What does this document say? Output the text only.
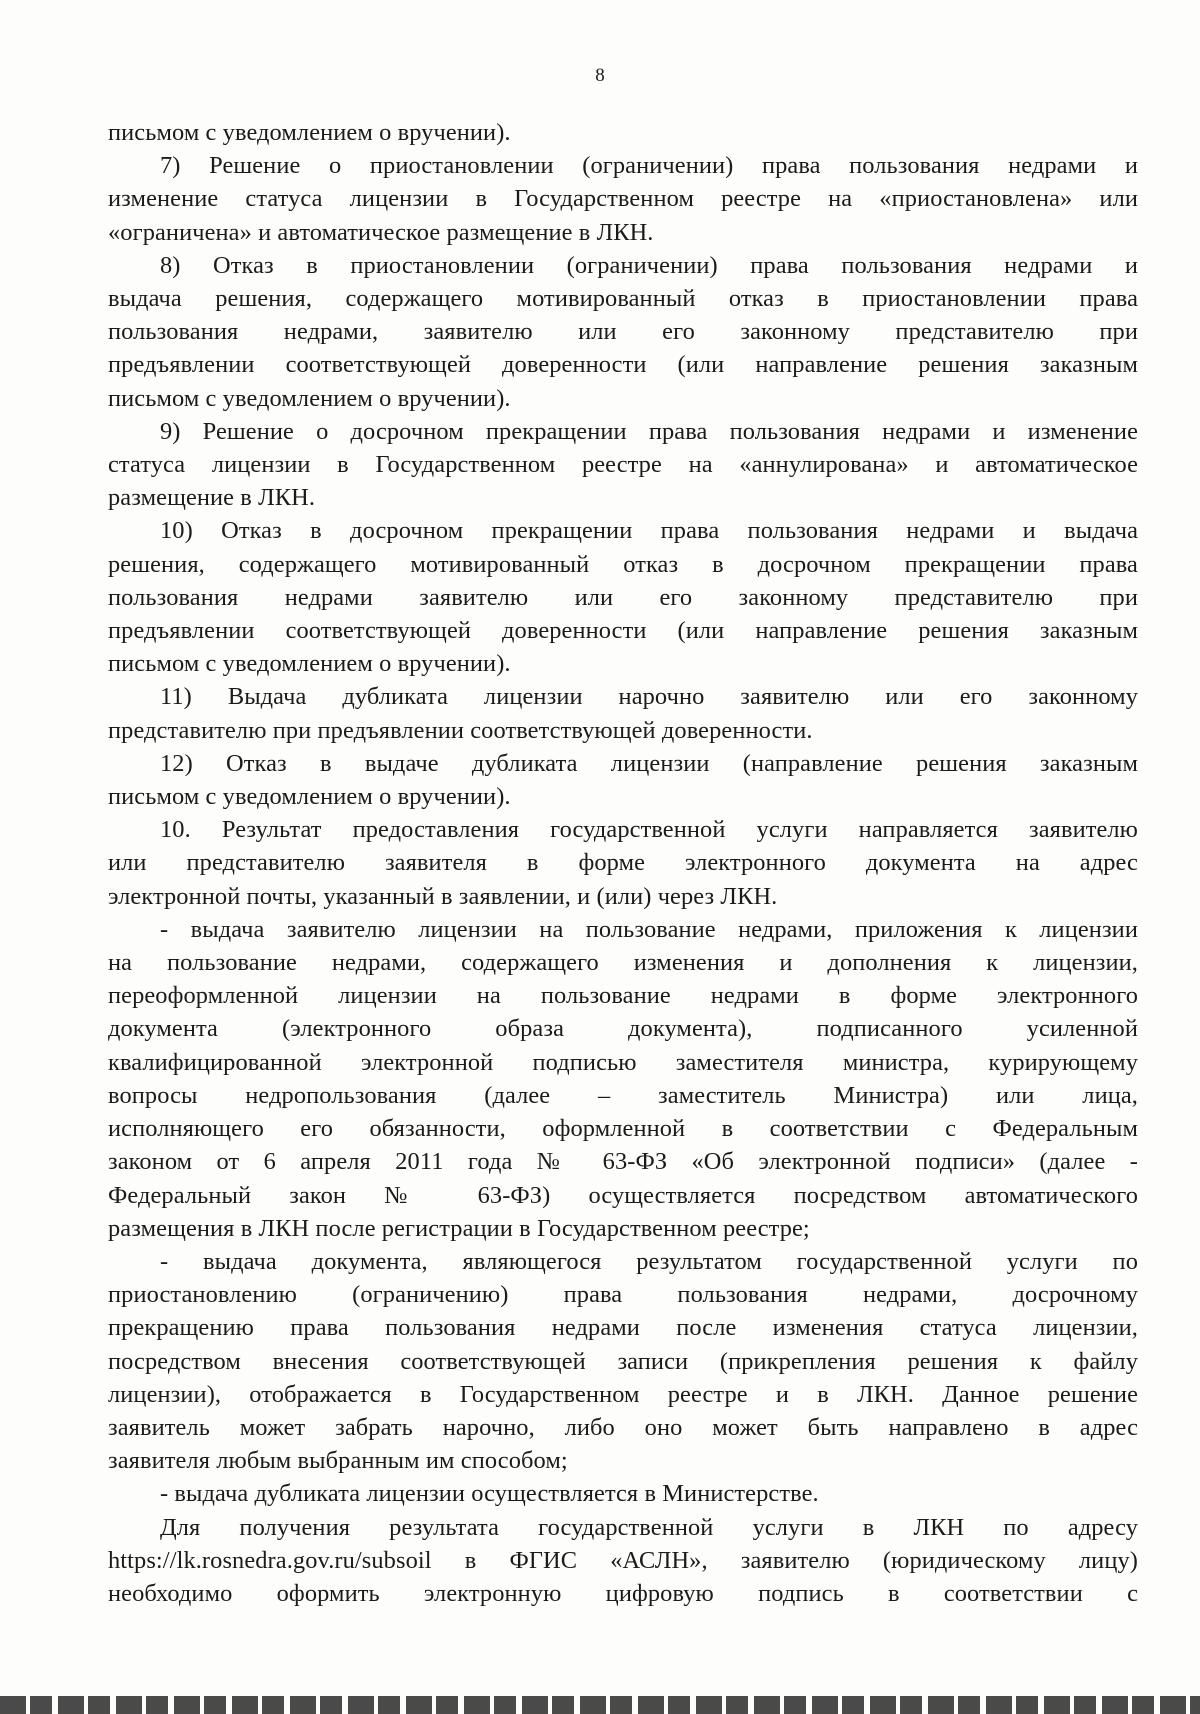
8
письмом с уведомлением о вручении).
7) Решение о приостановлении (ограничении) права пользования недрами и
изменение статуса лицензии в Государственном реестре на «приостановлена» или
«ограничена» и автоматическое размещение в ЛКН.
8) Отказ в приостановлении (ограничении) права пользования недрами и
выдача решения, содержащего мотивированный отказ в приостановлении права
пользования недрами, заявителю или его законному представителю при
предъявлении соответствующей доверенности (или направление решения заказным
письмом с уведомлением о вручении).
9) Решение о досрочном прекращении права пользования недрами и изменение
статуса лицензии в Государственном реестре на «аннулирована» и автоматическое
размещение в ЛКН.
10) Отказ в досрочном прекращении права пользования недрами и выдача
решения, содержащего мотивированный отказ в досрочном прекращении права
пользования недрами заявителю или его законному представителю при
предъявлении соответствующей доверенности (или направление решения заказным
письмом с уведомлением о вручении).
11) Выдача дубликата лицензии нарочно заявителю или его законному
представителю при предъявлении соответствующей доверенности.
12) Отказ в выдаче дубликата лицензии (направление решения заказным
письмом с уведомлением о вручении).
10. Результат предоставления государственной услуги направляется заявителю
или представителю заявителя в форме электронного документа на адрес
электронной почты, указанный в заявлении, и (или) через ЛКН.
- выдача заявителю лицензии на пользование недрами, приложения к лицензии
на пользование недрами, содержащего изменения и дополнения к лицензии,
переоформленной лицензии на пользование недрами в форме электронного
документа (электронного образа документа), подписанного усиленной
квалифицированной электронной подписью заместителя министра, курирующему
вопросы недропользования (далее – заместитель Министра) или лица,
исполняющего его обязанности, оформленной в соответствии с Федеральным
законом от 6 апреля 2011 года № 63-ФЗ «Об электронной подписи» (далее -
Федеральный закон № 63-ФЗ) осуществляется посредством автоматического
размещения в ЛКН после регистрации в Государственном реестре;
- выдача документа, являющегося результатом государственной услуги по
приостановлению (ограничению) права пользования недрами, досрочному
прекращению права пользования недрами после изменения статуса лицензии,
посредством внесения соответствующей записи (прикрепления решения к файлу
лицензии), отображается в Государственном реестре и в ЛКН. Данное решение
заявитель может забрать нарочно, либо оно может быть направлено в адрес
заявителя любым выбранным им способом;
- выдача дубликата лицензии осуществляется в Министерстве.
Для получения результата государственной услуги в ЛКН по адресу
https://lk.rosnedra.gov.ru/subsoil в ФГИС «АСЛН», заявителю (юридическому лицу)
необходимо оформить электронную цифровую подпись в соответствии с
